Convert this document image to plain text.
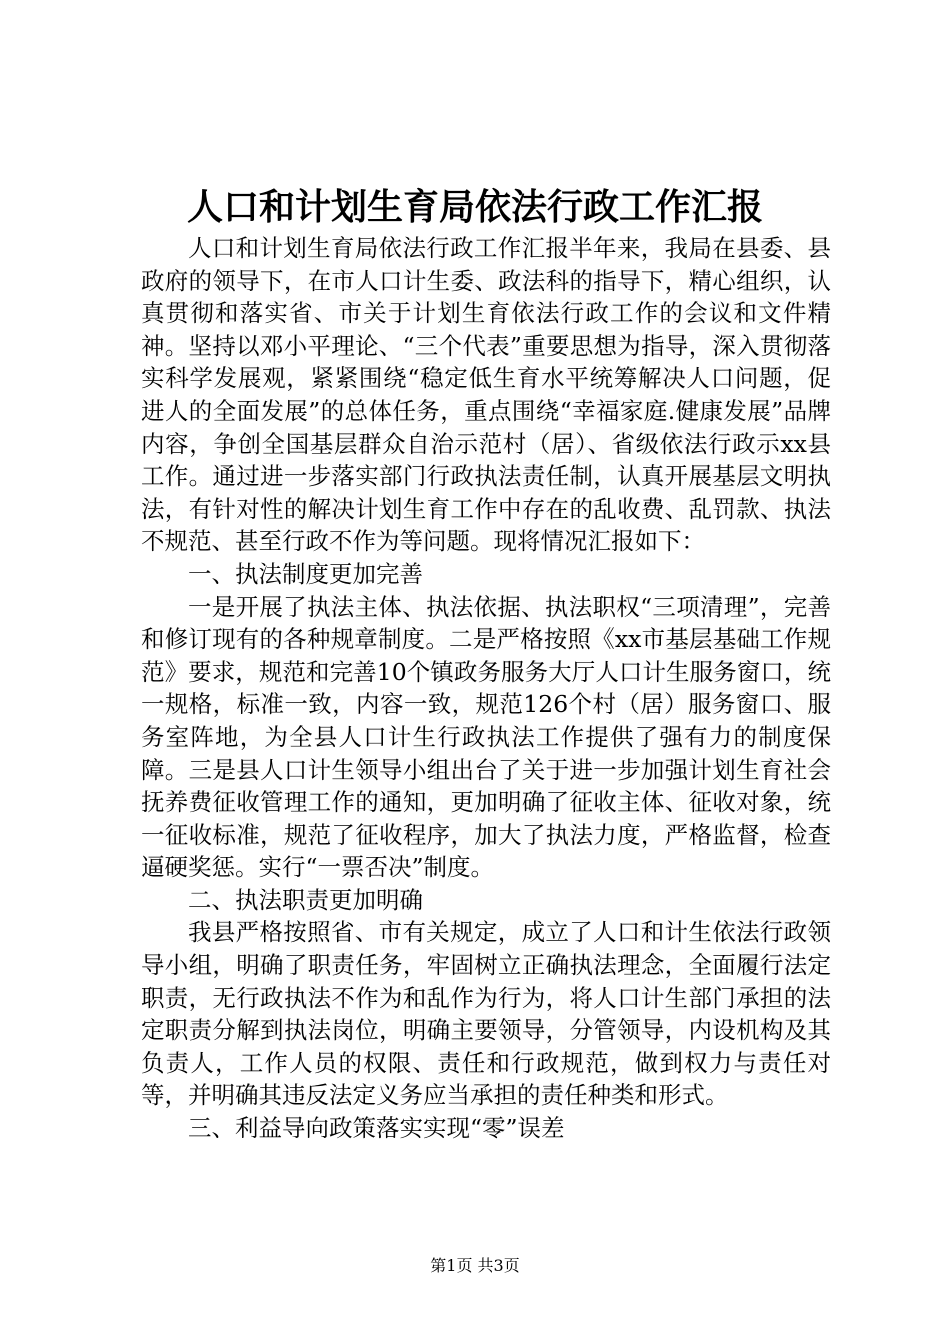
人口和计划生育局依法行政工作汇报

人口和计划生育局依法行政工作汇报半年来，我局在县委、县政府的领导下，在市人口计生委、政法科的指导下，精心组织，认真贯彻和落实省、市关于计划生育依法行政工作的会议和文件精神。坚持以邓小平理论、“三个代表”重要思想为指导，深入贯彻落实科学发展观，紧紧围绕“稳定低生育水平统筹解决人口问题，促进人的全面发展”的总体任务，重点围绕“幸福家庭.健康发展”品牌内容，争创全国基层群众自治示范村（居）、省级依法行政示xx县工作。通过进一步落实部门行政执法责任制，认真开展基层文明执法，有针对性的解决计划生育工作中存在的乱收费、乱罚款、执法不规范、甚至行政不作为等问题。现将情况汇报如下：

一、执法制度更加完善

一是开展了执法主体、执法依据、执法职权“三项清理”，完善和修订现有的各种规章制度。二是严格按照《xx市基层基础工作规范》要求，规范和完善10个镇政务服务大厅人口计生服务窗口，统一规格，标准一致，内容一致，规范126个村（居）服务窗口、服务室阵地，为全县人口计生行政执法工作提供了强有力的制度保障。三是县人口计生领导小组出台了关于进一步加强计划生育社会抚养费征收管理工作的通知，更加明确了征收主体、征收对象，统一征收标准，规范了征收程序，加大了执法力度，严格监督，检查逼硬奖惩。实行“一票否决”制度。

二、执法职责更加明确

我县严格按照省、市有关规定，成立了人口和计生依法行政领导小组，明确了职责任务，牢固树立正确执法理念，全面履行法定职责，无行政执法不作为和乱作为行为，将人口计生部门承担的法定职责分解到执法岗位，明确主要领导，分管领导，内设机构及其负责人，工作人员的权限、责任和行政规范，做到权力与责任对等，并明确其违反法定义务应当承担的责任种类和形式。

三、利益导向政策落实实现“零”误差

第1页 共3页
